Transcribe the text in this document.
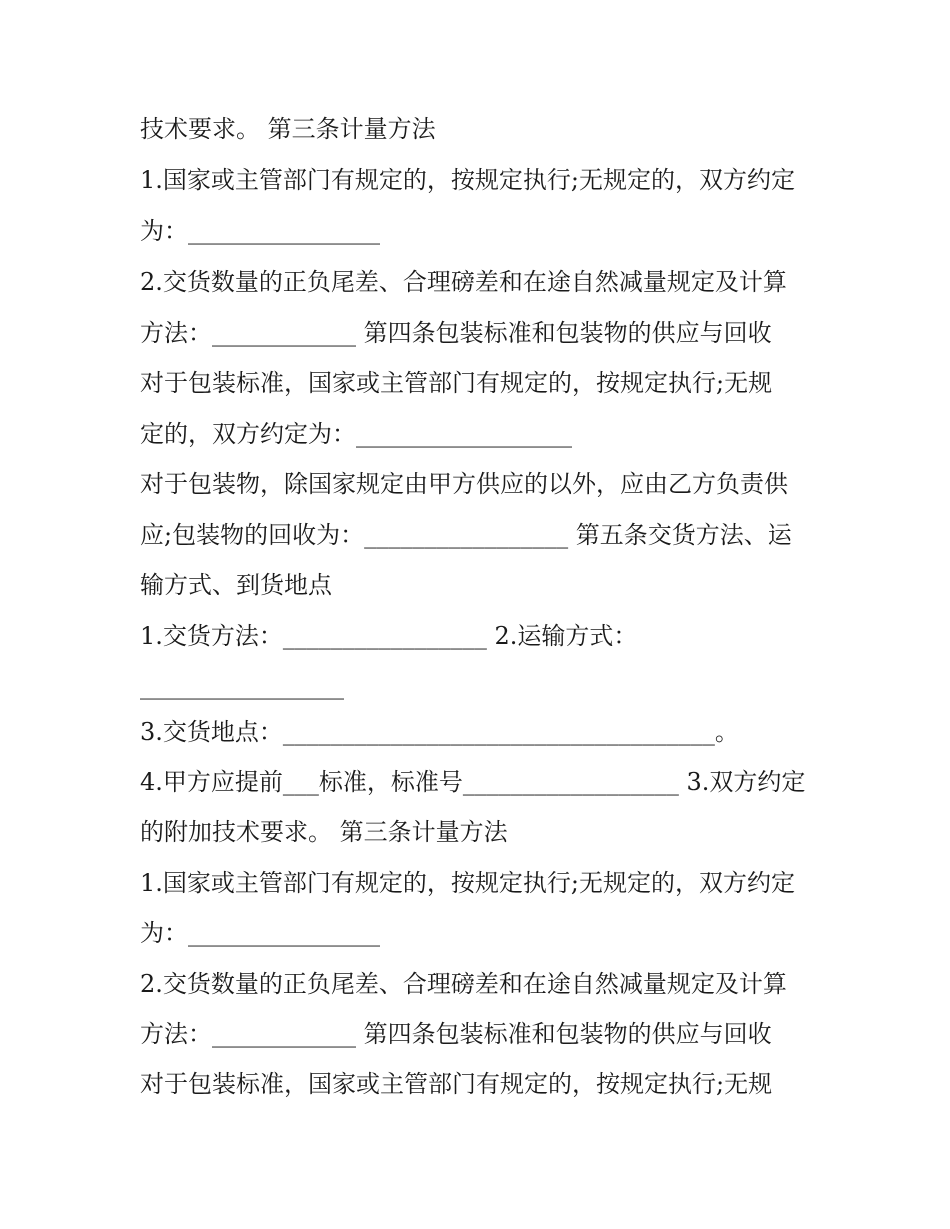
技术要求。 第三条计量方法
1.国家或主管部门有规定的，按规定执行;无规定的，双方约定
为：________________
2.交货数量的正负尾差、合理磅差和在途自然减量规定及计算
方法：____________ 第四条包装标准和包装物的供应与回收
对于包装标准，国家或主管部门有规定的，按规定执行;无规
定的，双方约定为：__________________
对于包装物，除国家规定由甲方供应的以外，应由乙方负责供
应;包装物的回收为：_________________ 第五条交货方法、运
输方式、到货地点
1.交货方法：_________________ 2.运输方式：
_________________
3.交货地点：____________________________________。
4.甲方应提前___标准，标准号__________________ 3.双方约定
的附加技术要求。 第三条计量方法
1.国家或主管部门有规定的，按规定执行;无规定的，双方约定
为：________________
2.交货数量的正负尾差、合理磅差和在途自然减量规定及计算
方法：____________ 第四条包装标准和包装物的供应与回收
对于包装标准，国家或主管部门有规定的，按规定执行;无规
